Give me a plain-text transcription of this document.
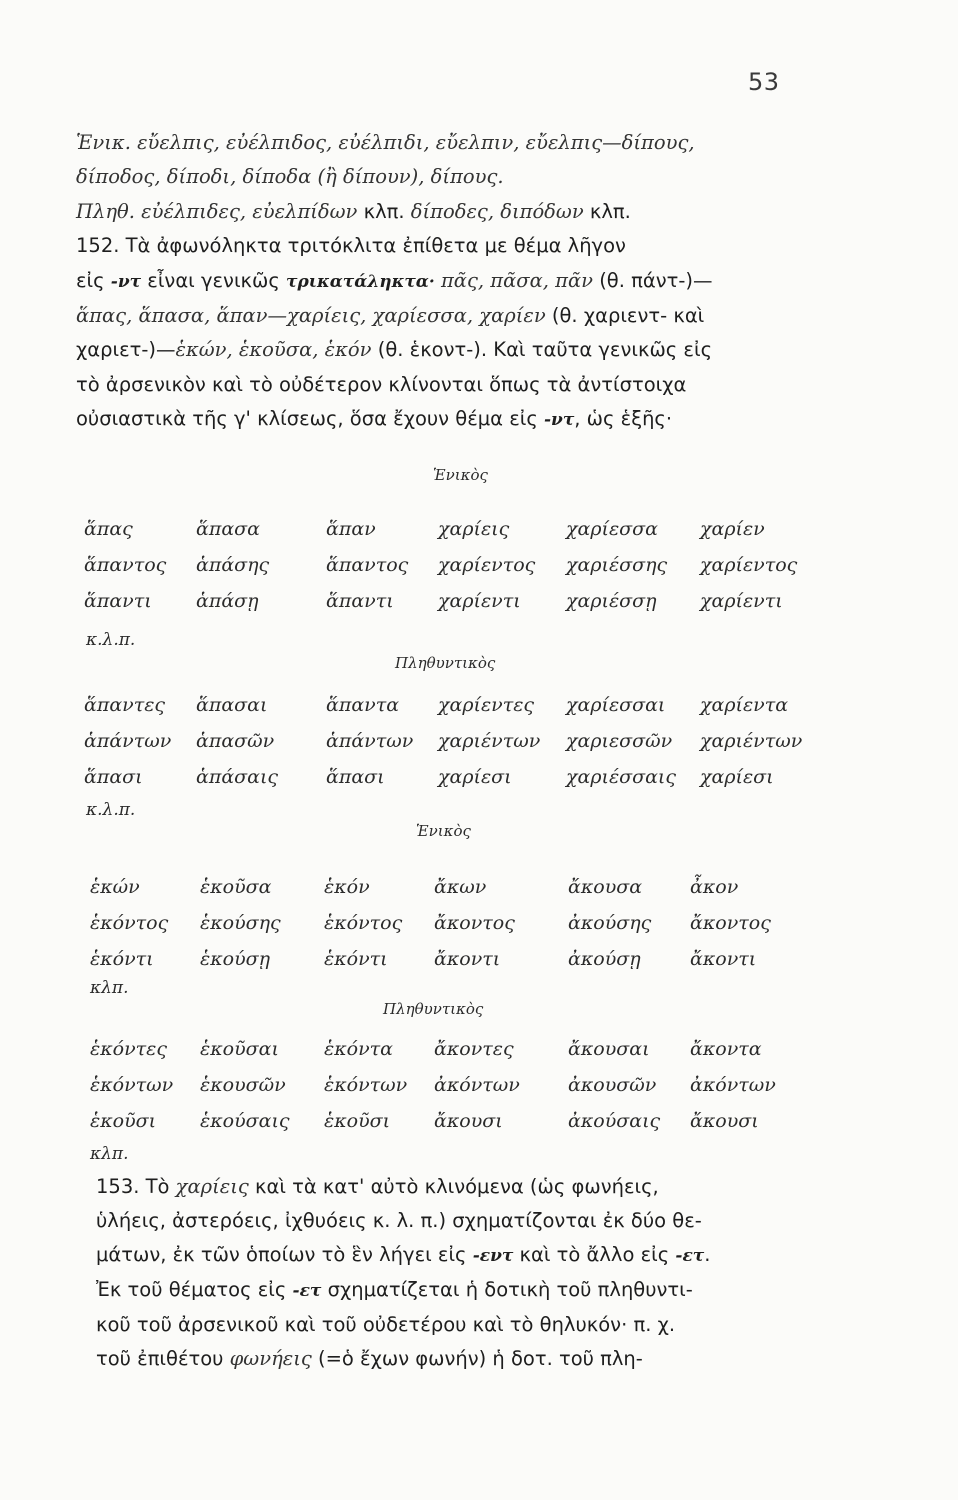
53
Ἑνικ. εὔελπις, εὐέλπιδος, εὐέλπιδι, εὔελπιν, εὔελπις—δίπους,
δίποδος, δίποδι, δίποδα (ἢ δίπουν), δίπους.
Πληθ. εὐέλπιδες, εὐελπίδων κλπ. δίποδες, διπόδων κλπ.
152. Τὰ ἀφωνόληκτα τριτόκλιτα ἐπίθετα με θέμα λῆγον
εἰς -ντ εἶναι γενικῶς τρικατάληκτα· πᾶς, πᾶσα, πᾶν (θ. πάντ-)—
ἅπας, ἅπασα, ἅπαν—χαρίεις, χαρίεσσα, χαρίεν (θ. χαριεντ- καὶ
χαριετ-)—ἑκών, ἑκοῦσα, ἑκόν (θ. ἑκοντ-). Καὶ ταῦτα γενικῶς εἰς
τὸ ἀρσενικὸν καὶ τὸ οὐδέτερον κλίνονται ὅπως τὰ ἀντίστοιχα
οὐσιαστικὰ τῆς γ' κλίσεως, ὅσα ἔχουν θέμα εἰς -ντ, ὡς ἑξῆς·
Ἑνικὸς
ἅπας	ἅπασα	ἅπαν	χαρίεις	χαρίεσσα χαρίεν
ἅπαντος ἁπάσης	ἅπαντος χαρίεντος χαριέσσης χαρίεντος
ἅπαντι ἁπάσῃ	ἅπαντι χαρίεντι χαριέσσῃ χαρίεντι
κ.λ.π.
Πληθυντικὸς
ἅπαντες ἅπασαι	ἅπαντα χαρίεντες χαρίεσσαι χαρίεντα
ἁπάντων ἁπασῶν	ἁπάντων χαριέντων χαριεσσῶν χαριέντων
ἅπασι	ἁπάσαις	ἅπασι	χαρίεσι	χαριέσσαις χαρίεσι
κ.λ.π.
Ἑνικὸς
ἑκών	ἑκοῦσα	ἑκόν	ἄκων	ἄκουσα	ἆκον
ἑκόντος ἑκούσης ἑκόντος ἄκοντος	ἀκούσης ἄκοντος
ἑκόντι ἑκούσῃ	ἑκόντι ἄκοντι	ἀκούσῃ	ἄκοντι
κλπ.
Πληθυντικὸς
ἑκόντες ἑκοῦσαι ἑκόντα ἄκοντες	ἄκουσαι ἄκοντα
ἑκόντων ἑκουσῶν ἑκόντων ἀκόντων	ἀκουσῶν ἀκόντων
ἑκοῦσι ἑκούσαις ἑκοῦσι ἄκουσι	ἀκούσαις ἄκουσι
κλπ.
153. Τὸ χαρίεις καὶ τὰ κατ' αὐτὸ κλινόμενα (ὡς φωνήεις,
ὑλήεις, ἀστερόεις, ἰχθυόεις κ. λ. π.) σχηματίζονται ἐκ δύο θε-
μάτων, ἐκ τῶν ὁποίων τὸ ἓν λήγει εἰς -εντ καὶ τὸ ἄλλο εἰς -ετ.
Ἐκ τοῦ θέματος εἰς -ετ σχηματίζεται ἡ δοτικὴ τοῦ πληθυντι-
κοῦ τοῦ ἀρσενικοῦ καὶ τοῦ οὐδετέρου καὶ τὸ θηλυκόν· π. χ.
τοῦ ἐπιθέτου φωνήεις (=ὁ ἔχων φωνήν) ἡ δοτ. τοῦ πλη-
